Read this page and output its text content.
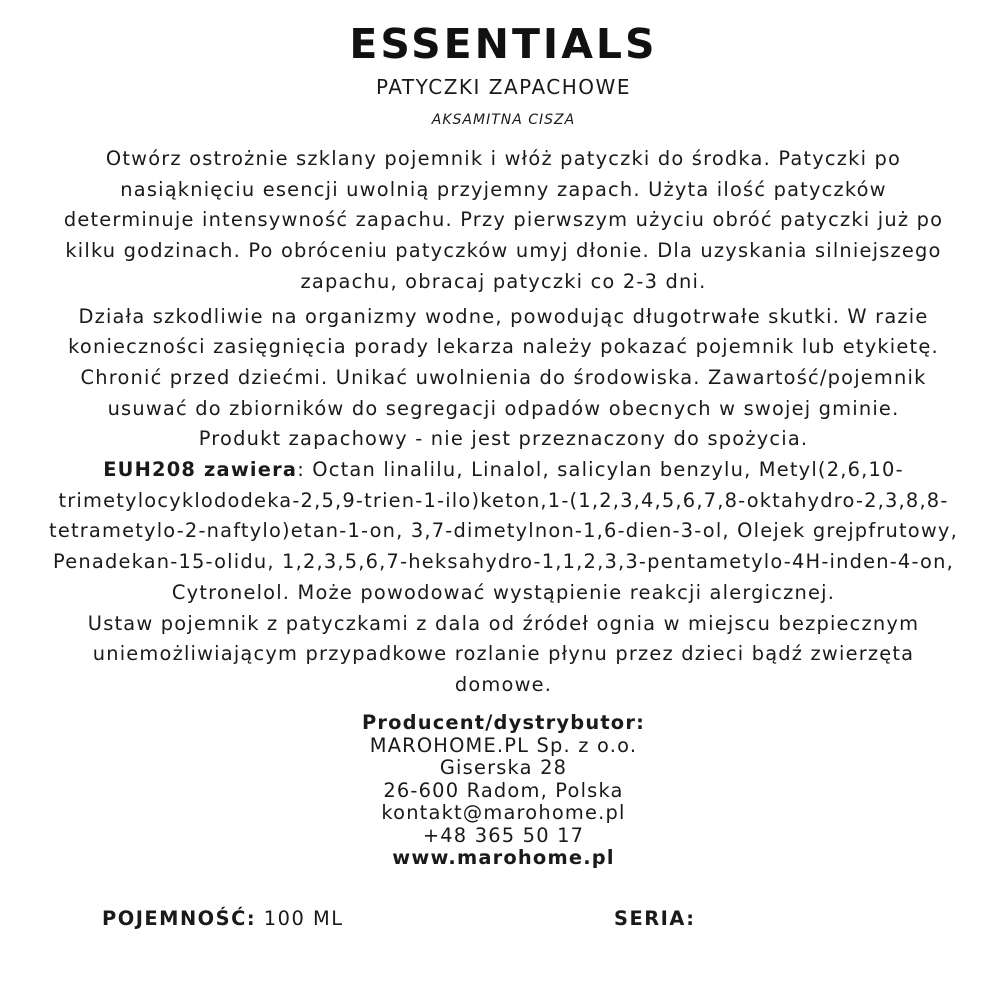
ESSENTIALS
PATYCZKI ZAPACHOWE
AKSAMITNA CISZA

Otwórz ostrożnie szklany pojemnik i włóż patyczki do środka. Patyczki po
nasiąknięciu esencji uwolnią przyjemny zapach. Użyta ilość patyczków
determinuje intensywność zapachu. Przy pierwszym użyciu obróć patyczki już po
kilku godzinach. Po obróceniu patyczków umyj dłonie. Dla uzyskania silniejszego
zapachu, obracaj patyczki co 2-3 dni.

Działa szkodliwie na organizmy wodne, powodując długotrwałe skutki. W razie
konieczności zasięgnięcia porady lekarza należy pokazać pojemnik lub etykietę.
Chronić przed dziećmi. Unikać uwolnienia do środowiska. Zawartość/pojemnik
usuwać do zbiorników do segregacji odpadów obecnych w swojej gminie.
Produkt zapachowy - nie jest przeznaczony do spożycia.

EUH208 zawiera: Octan linalilu, Linalol, salicylan benzylu, Metyl(2,6,10-
trimetylocyklododeka-2,5,9-trien-1-ilo)keton,1-(1,2,3,4,5,6,7,8-oktahydro-2,3,8,8-
tetrametylo-2-naftylo)etan-1-on, 3,7-dimetylnon-1,6-dien-3-ol, Olejek grejpfrutowy,
Penadekan-15-olidu, 1,2,3,5,6,7-heksahydro-1,1,2,3,3-pentametylo-4H-inden-4-on,
Cytronelol. Może powodować wystąpienie reakcji alergicznej.

Ustaw pojemnik z patyczkami z dala od źródeł ognia w miejscu bezpiecznym
uniemożliwiającym przypadkowe rozlanie płynu przez dzieci bądź zwierzęta
domowe.

Producent/dystrybutor:
MAROHOME.PL Sp. z o.o.
Giserska 28
26-600 Radom, Polska
kontakt@marohome.pl
+48 365 50 17
www.marohome.pl
POJEMNOŚĆ: 100 ML	SERIA:
